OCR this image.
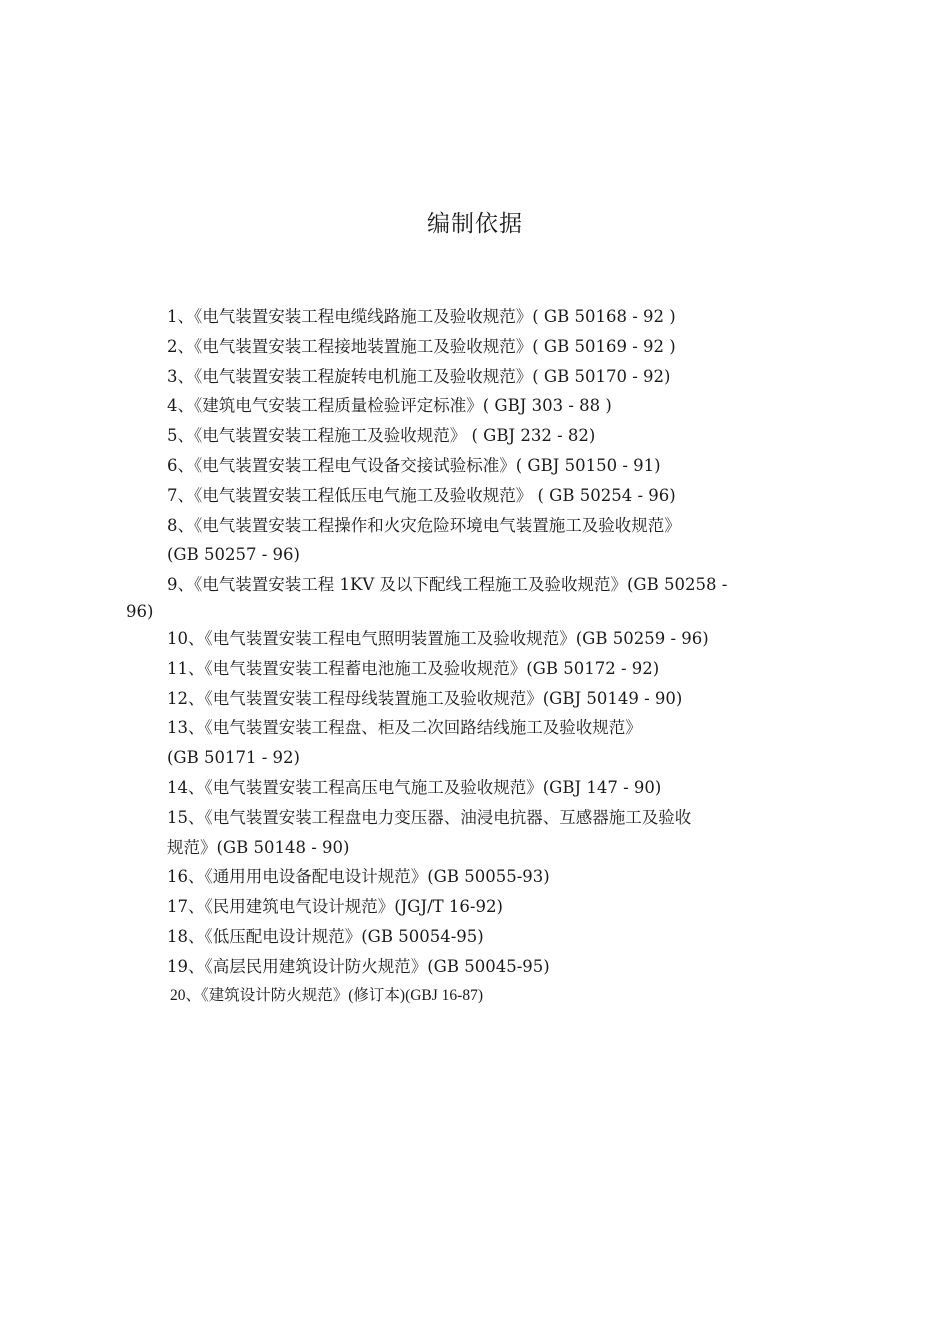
编制依据

1、《电气装置安装工程电缆线路施工及验收规范》( GB 50168 - 92 )

2、《电气装置安装工程接地装置施工及验收规范》( GB 50169 - 92 )

3、《电气装置安装工程旋转电机施工及验收规范》( GB 50170 - 92)

4、《建筑电气安装工程质量检验评定标准》( GBJ 303 - 88 )

5、《电气装置安装工程施工及验收规范》 ( GBJ 232 - 82)

6、《电气装置安装工程电气设备交接试验标准》( GBJ 50150 - 91)

7、《电气装置安装工程低压电气施工及验收规范》 ( GB 50254 - 96)

8、《电气装置安装工程操作和火灾危险环境电气装置施工及验收规范》

(GB 50257 - 96)

9、《电气装置安装工程 1KV 及以下配线工程施工及验收规范》(GB 50258 -

96)

10、《电气装置安装工程电气照明装置施工及验收规范》(GB 50259 - 96)

11、《电气装置安装工程蓄电池施工及验收规范》(GB 50172 - 92)

12、《电气装置安装工程母线装置施工及验收规范》(GBJ 50149 - 90)

13、《电气装置安装工程盘、柜及二次回路结线施工及验收规范》

(GB 50171 - 92)

14、《电气装置安装工程高压电气施工及验收规范》(GBJ 147 - 90)

15、《电气装置安装工程盘电力变压器、油浸电抗器、互感器施工及验收

规范》(GB 50148 - 90)

16、《通用用电设备配电设计规范》(GB 50055-93)

17、《民用建筑电气设计规范》(JGJ/T 16-92)

18、《低压配电设计规范》(GB 50054-95)

19、《高层民用建筑设计防火规范》(GB 50045-95)

20、《建筑设计防火规范》(修订本)(GBJ 16-87)
